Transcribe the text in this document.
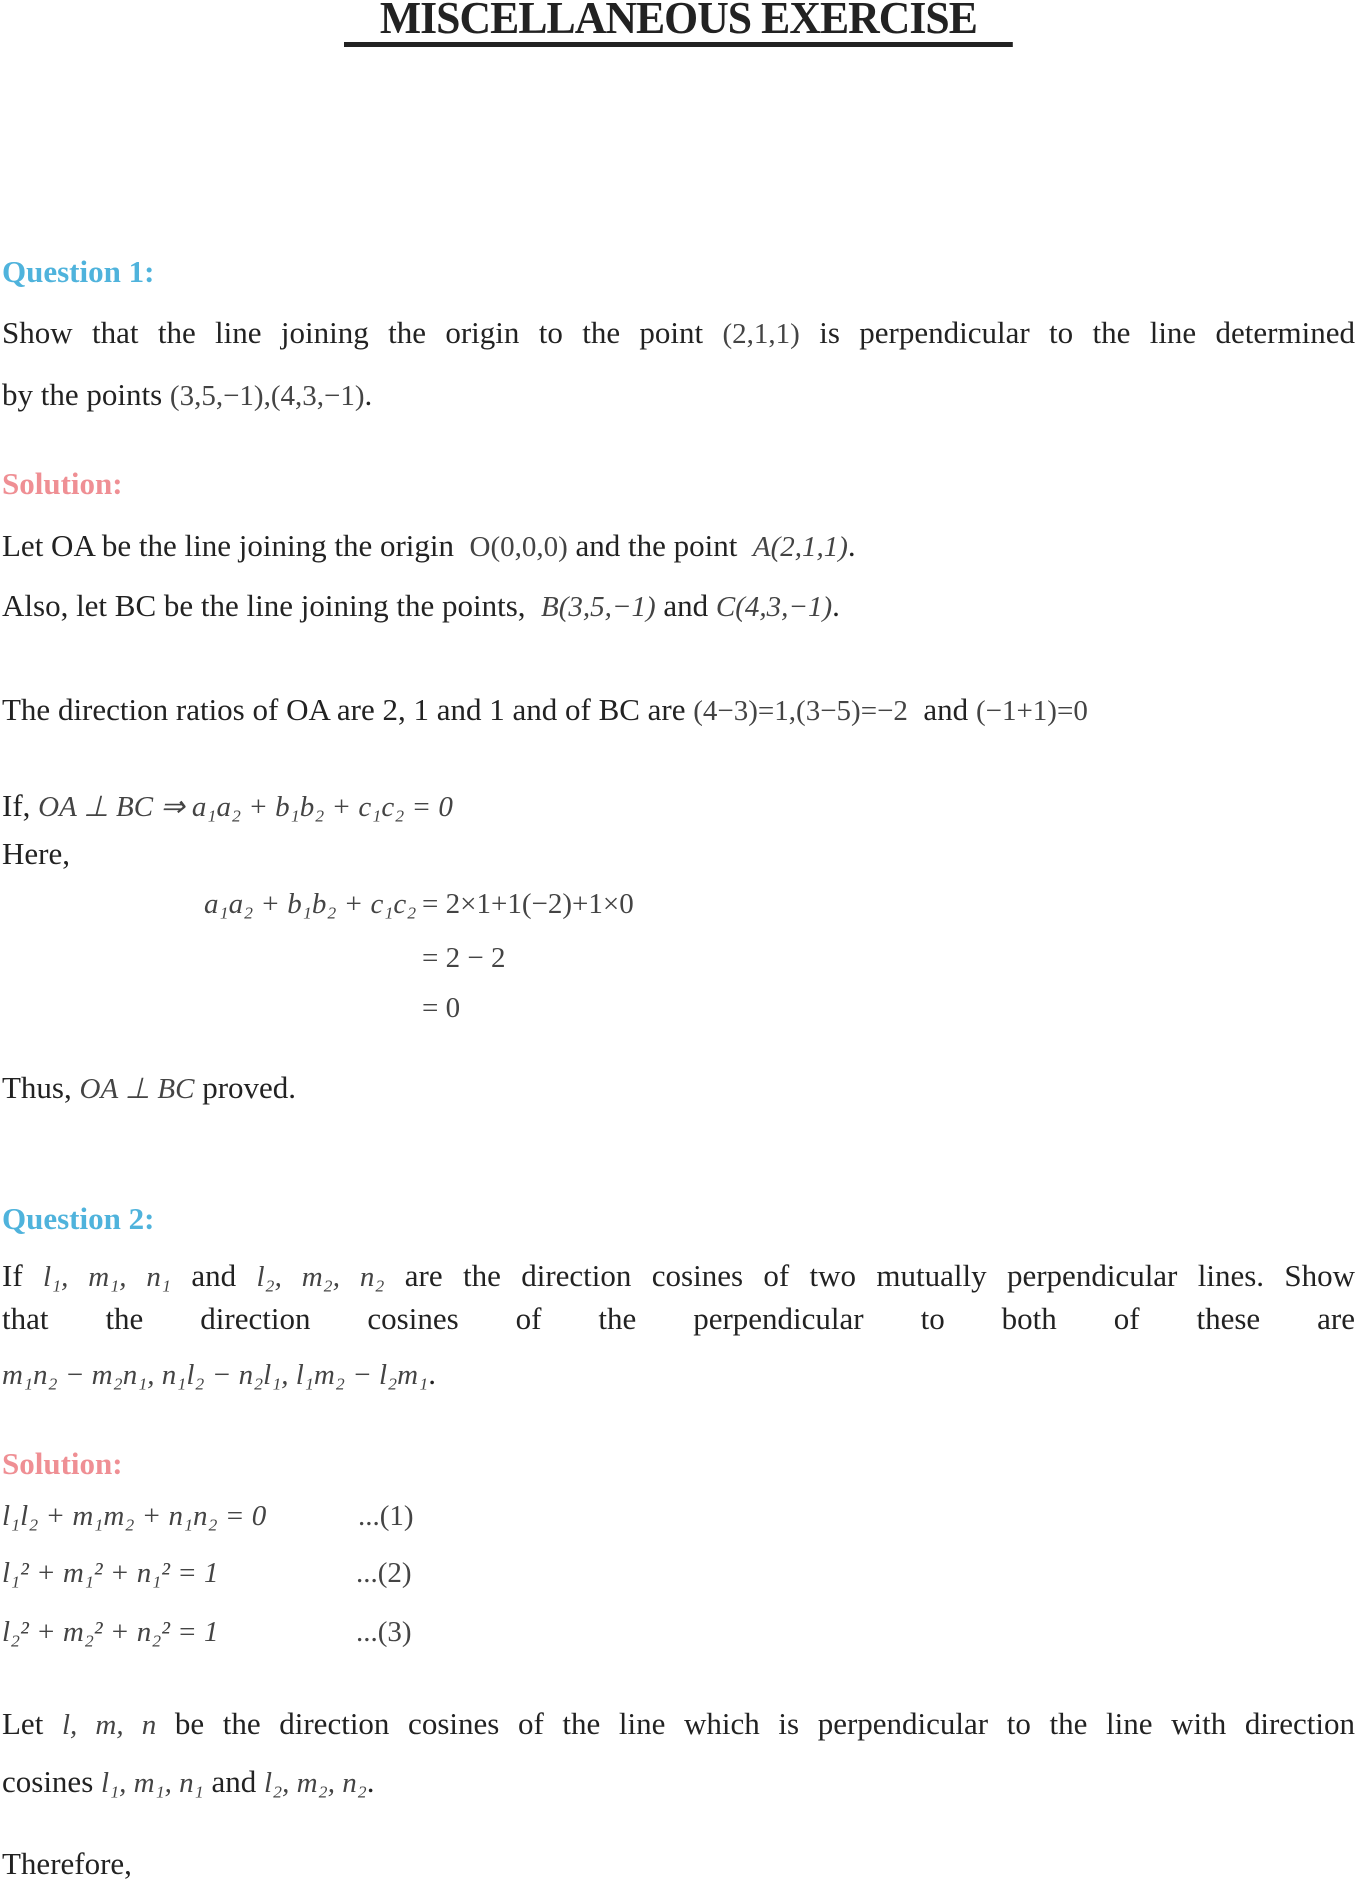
MISCELLANEOUS EXERCISE
Question 1:
Show that the line joining the origin to the point (2,1,1) is perpendicular to the line determined
by the points (3,5,−1),(4,3,−1).
Solution:
Let OA be the line joining the origin O(0,0,0) and the point A(2,1,1).
Also, let BC be the line joining the points, B(3,5,−1) and C(4,3,−1).
The direction ratios of OA are 2, 1 and 1 and of BC are (4−3)=1,(3−5)=−2 and (−1+1)=0
If, OA ⊥ BC ⇒ a₁a₂ + b₁b₂ + c₁c₂ = 0
Here,
a₁a₂ + b₁b₂ + c₁c₂ = 2×1+1(−2)+1×0
= 2 − 2
= 0
Thus, OA ⊥ BC proved.
Question 2:
If l₁, m₁, n₁ and l₂, m₂, n₂ are the direction cosines of two mutually perpendicular lines. Show
that the direction cosines of the perpendicular to both of these are
m₁n₂ − m₂n₁, n₁l₂ − n₂l₁, l₁m₂ − l₂m₁.
Solution:
l₁l₂ + m₁m₂ + n₁n₂ = 0	...(1)
l₁² + m₁² + n₁² = 1	...(2)
l₂² + m₂² + n₂² = 1	...(3)
Let l, m, n be the direction cosines of the line which is perpendicular to the line with direction
cosines l₁, m₁, n₁ and l₂, m₂, n₂.
Therefore,
